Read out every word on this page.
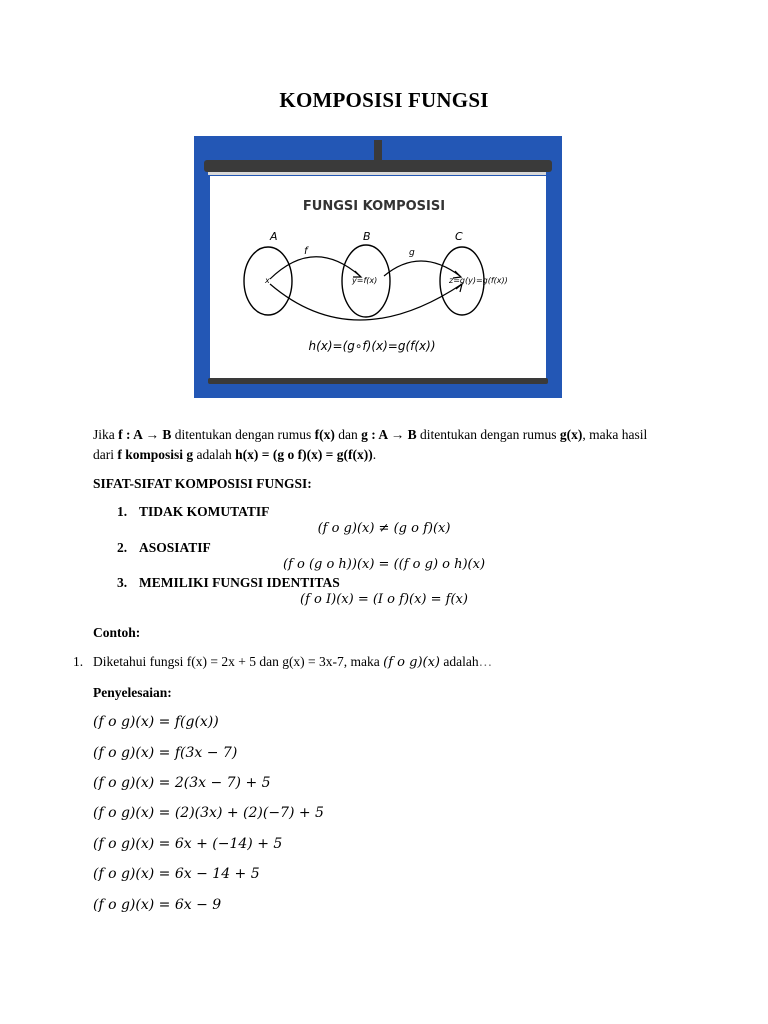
KOMPOSISI FUNGSI
FUNGSI KOMPOSISI
A	B	C
f	g
x	y=f(x)	z=g(y)=g(f(x))
h(x)=(g∘f)(x)=g(f(x))
Jika f : A → B ditentukan dengan rumus f(x) dan g : A → B ditentukan dengan rumus g(x), maka hasil dari f komposisi g adalah h(x) = (g o f)(x) = g(f(x)).
SIFAT-SIFAT KOMPOSISI FUNGSI:
1. TIDAK KOMUTATIF
(f o g)(x) ≠ (g o f)(x)
2. ASOSIATIF
(f o (g o h))(x) = ((f o g) o h)(x)
3. MEMILIKI FUNGSI IDENTITAS
(f o I)(x) = (I o f)(x) = f(x)
Contoh:
1. Diketahui fungsi f(x) = 2x + 5 dan g(x) = 3x-7, maka (f o g)(x) adalah…
Penyelesaian:
(f o g)(x) = f(g(x))
(f o g)(x) = f(3x − 7)
(f o g)(x) = 2(3x − 7) + 5
(f o g)(x) = (2)(3x) + (2)(−7) + 5
(f o g)(x) = 6x + (−14) + 5
(f o g)(x) = 6x − 14 + 5
(f o g)(x) = 6x − 9
